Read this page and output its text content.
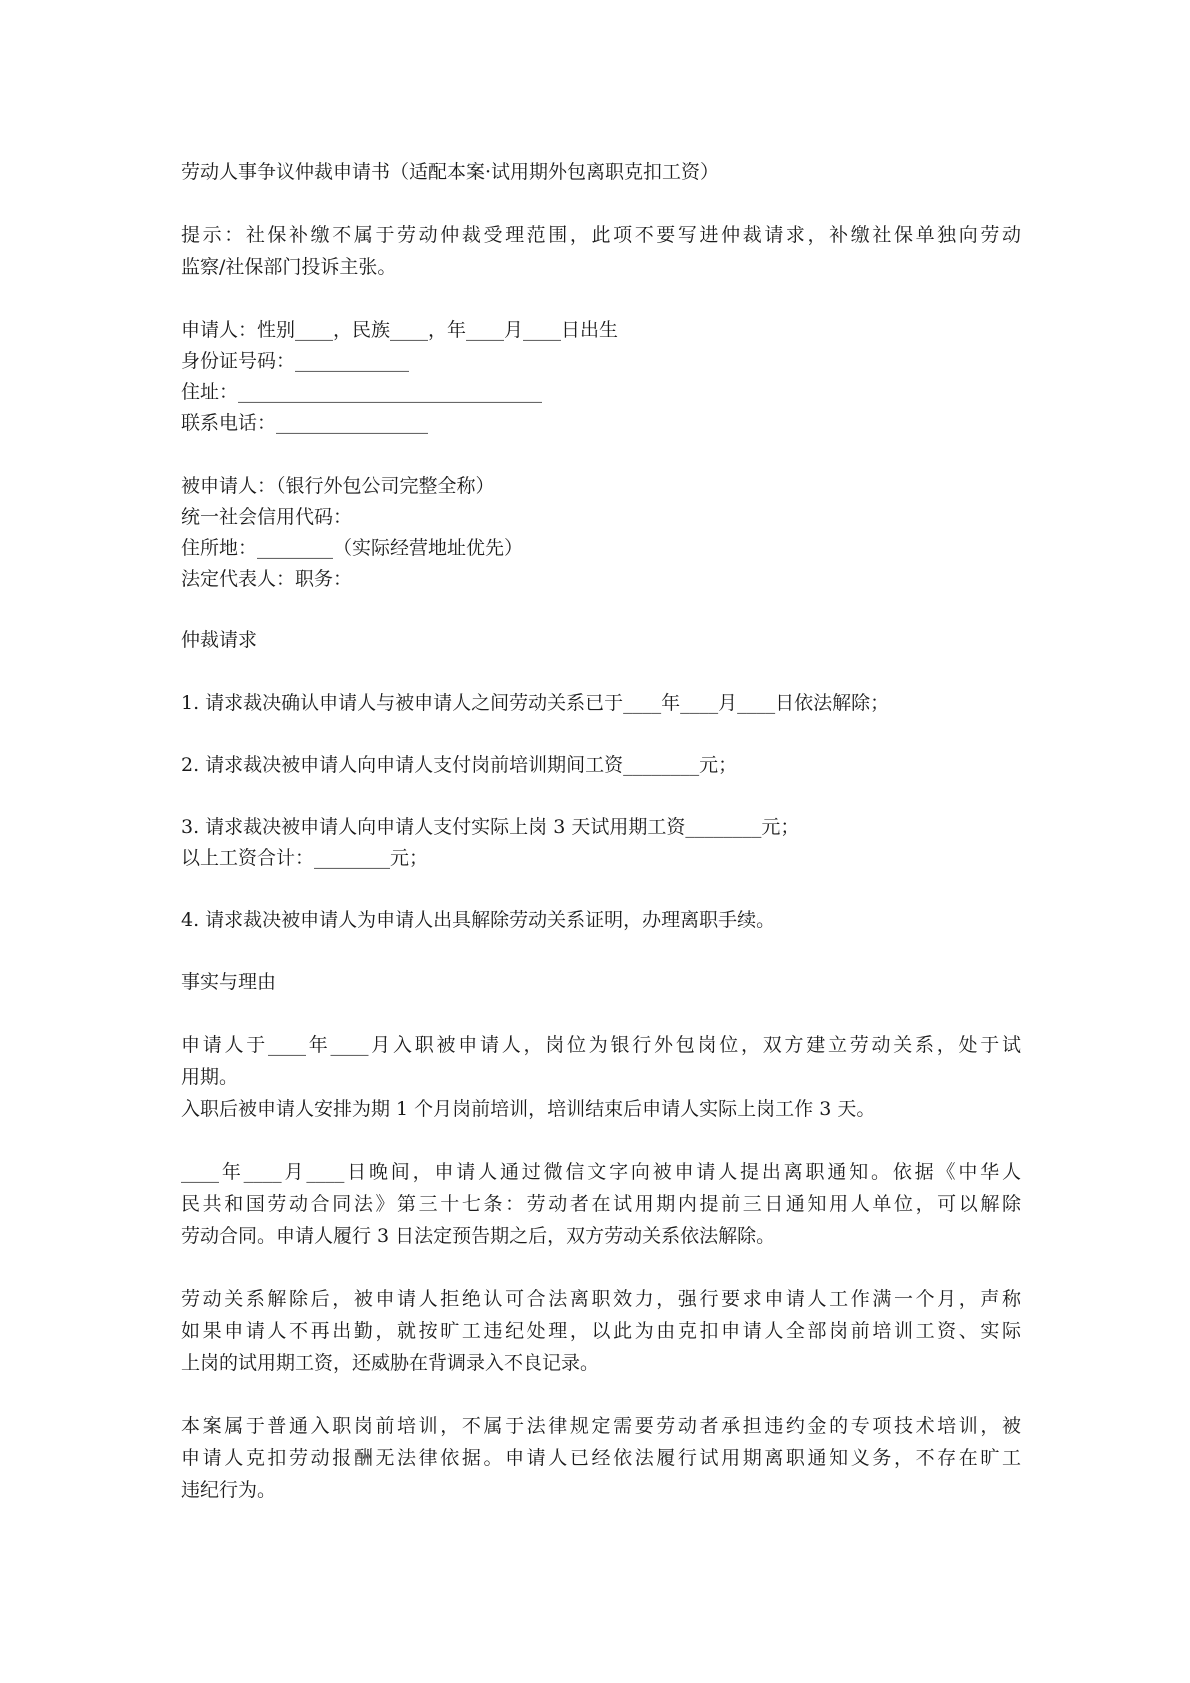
劳动人事争议仲裁申请书（适配本案·试用期外包离职克扣工资）

提示：社保补缴不属于劳动仲裁受理范围，此项不要写进仲裁请求，补缴社保单独向劳动
监察/社保部门投诉主张。

申请人：性别____，民族____，年____月____日出生
身份证号码：____________
住址：________________________________
联系电话：________________

被申请人：（银行外包公司完整全称）
统一社会信用代码：
住所地：________（实际经营地址优先）
法定代表人：职务：

仲裁请求

1. 请求裁决确认申请人与被申请人之间劳动关系已于____年____月____日依法解除；

2. 请求裁决被申请人向申请人支付岗前培训期间工资________元；

3. 请求裁决被申请人向申请人支付实际上岗 3 天试用期工资________元；
以上工资合计：________元；

4. 请求裁决被申请人为申请人出具解除劳动关系证明，办理离职手续。

事实与理由

申请人于____年____月入职被申请人，岗位为银行外包岗位，双方建立劳动关系，处于试
用期。
入职后被申请人安排为期 1 个月岗前培训，培训结束后申请人实际上岗工作 3 天。

____年____月____日晚间，申请人通过微信文字向被申请人提出离职通知。依据《中华人
民共和国劳动合同法》第三十七条：劳动者在试用期内提前三日通知用人单位，可以解除
劳动合同。申请人履行 3 日法定预告期之后，双方劳动关系依法解除。

劳动关系解除后，被申请人拒绝认可合法离职效力，强行要求申请人工作满一个月，声称
如果申请人不再出勤，就按旷工违纪处理，以此为由克扣申请人全部岗前培训工资、实际
上岗的试用期工资，还威胁在背调录入不良记录。

本案属于普通入职岗前培训，不属于法律规定需要劳动者承担违约金的专项技术培训，被
申请人克扣劳动报酬无法律依据。申请人已经依法履行试用期离职通知义务，不存在旷工
违纪行为。
